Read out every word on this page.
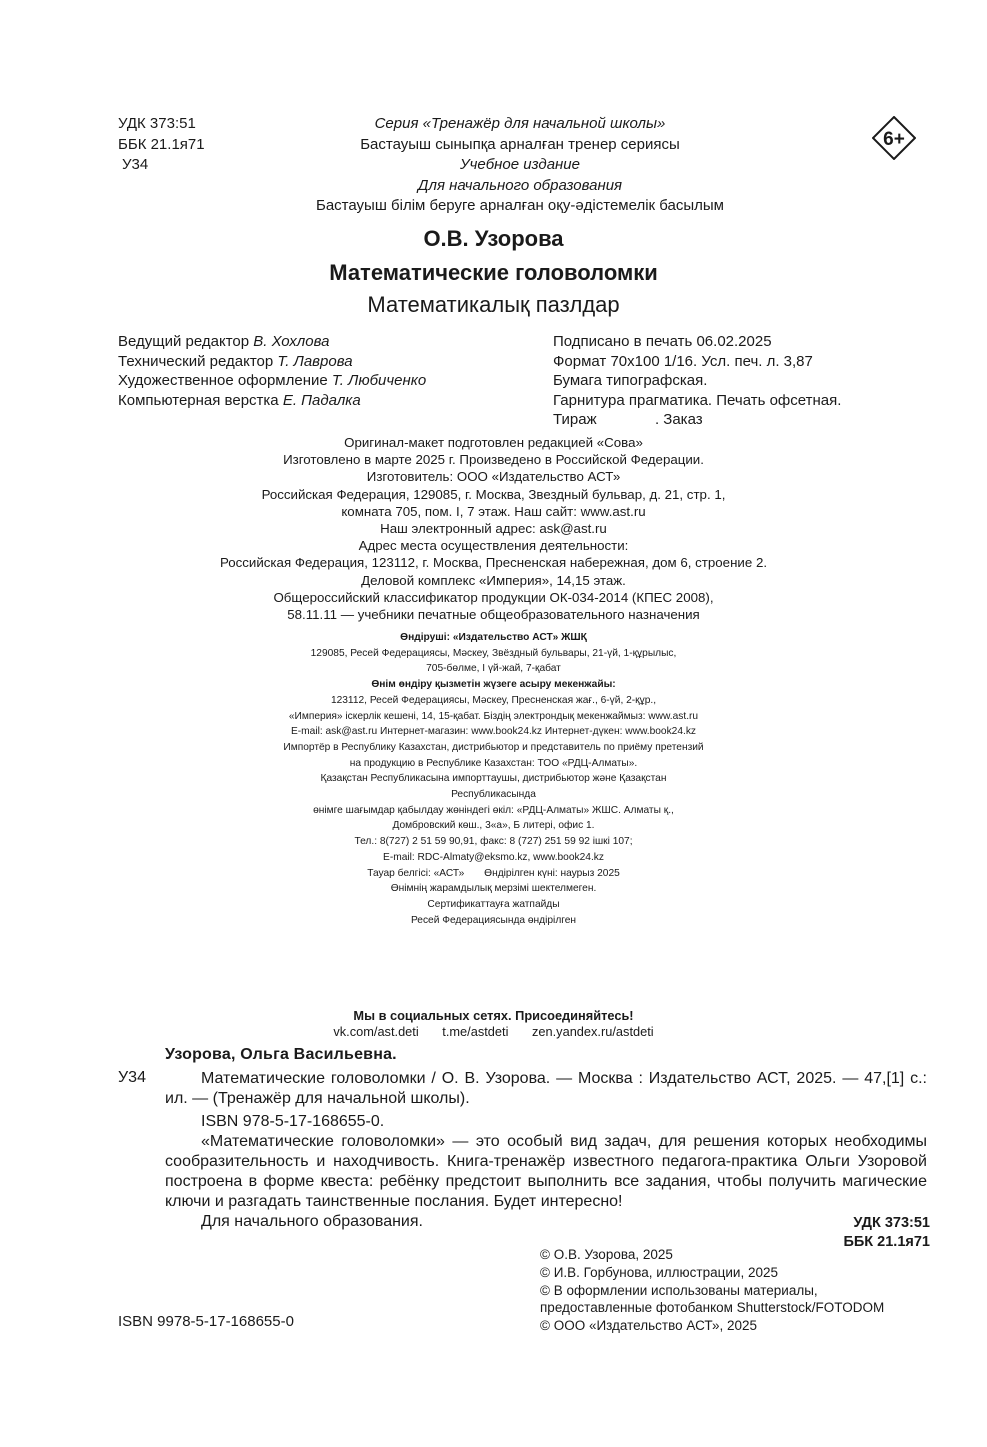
УДК 373:51
ББК 21.1я71
У34
Серия «Тренажёр для начальной школы»
Бастауыш сыныпқа арналған тренер сериясы
Учебное издание
Для начального образования
Бастауыш білім беруге арналған оқу-әдістемелік басылым
6+
О.В. Узорова
Математические головоломки
Математикалық пазлдар
Ведущий редактор В. Хохлова
Технический редактор Т. Лаврова
Художественное оформление Т. Любиченко
Компьютерная верстка Е. Падалка
Подписано в печать 06.02.2025
Формат 70x100 1/16. Усл. печ. л. 3,87
Бумага типографская.
Гарнитура прагматика. Печать офсетная.
Тираж              . Заказ
Оригинал-макет подготовлен редакцией «Сова»
Изготовлено в марте 2025 г. Произведено в Российской Федерации.
Изготовитель: ООО «Издательство АСТ»
Российская Федерация, 129085, г. Москва, Звездный бульвар, д. 21, стр. 1,
комната 705, пом. I, 7 этаж. Наш сайт: www.ast.ru
Наш электронный адрес: ask@ast.ru
Адрес места осуществления деятельности:
Российская Федерация, 123112, г. Москва, Пресненская набережная, дом 6, строение 2.
Деловой комплекс «Империя», 14,15 этаж.
Общероссийский классификатор продукции ОК-034-2014 (КПЕС 2008),
58.11.11 — учебники печатные общеобразовательного назначения
Өндіруші: «Издательство АСТ» ЖШҚ
129085, Ресей Федерациясы, Мәскеу, Звёздный бульвары, 21-үй, 1-құрылыс,
705-бөлме, I үй-жай, 7-қабат
Өнім өндіру қызметін жүзеге асыру мекенжайы:
123112, Ресей Федерациясы, Мәскеу, Пресненская жағ., 6-үй, 2-құр.,
«Империя» іскерлік кешені, 14, 15-қабат. Біздің электрондық мекенжаймыз: www.ast.ru
E-mail: ask@ast.ru Интернет-магазин: www.book24.kz Интернет-дүкен: www.book24.kz
Импортёр в Республику Казахстан, дистрибьютор и представитель по приёму претензий
на продукцию в Республике Казахстан: ТОО «РДЦ-Алматы».
Қазақстан Республикасына импорттаушы, дистрибьютор және Қазақстан
Республикасында
өнімге шағымдар қабылдау жөніндегі өкіл: «РДЦ-Алматы» ЖШС. Алматы қ.,
Домбровский көш., 3«а», Б литері, офис 1.
Тел.: 8(727) 2 51 59 90,91, факс: 8 (727) 251 59 92 ішкі 107;
E-mail: RDC-Almaty@eksmo.kz, www.book24.kz
Тауар белгісі: «АСТ»       Өндірілген күні: наурыз 2025
Өнімнің жарамдылық мерзімі шектелмеген.
Сертификаттауға жатпайды
Ресей Федерациясында өндірілген
Мы в социальных сетях. Присоединяйтесь!
vk.com/ast.deti t.me/astdeti zen.yandex.ru/astdeti
Узорова, Ольга Васильевна.
У34	Математические головоломки / О. В. Узорова. — Москва : Издательство АСТ, 2025. — 47,[1] с.: ил. — (Тренажёр для начальной школы).
ISBN 978-5-17-168655-0.
«Математические головоломки» — это особый вид задач, для решения которых необходимы сообразительность и находчивость. Книга-тренажёр известного педагога-практика Ольги Узоровой построена в форме квеста: ребёнку предстоит выполнить все задания, чтобы получить магические ключи и разгадать таинственные послания. Будет интересно!
Для начального образования.	УДК 373:51
ББК 21.1я71
© О.В. Узорова, 2025
© И.В. Горбунова, иллюстрации, 2025
© В оформлении использованы материалы,
предоставленные фотобанком Shutterstock/FOTODOM
© ООО «Издательство АСТ», 2025
ISBN 9978-5-17-168655-0
